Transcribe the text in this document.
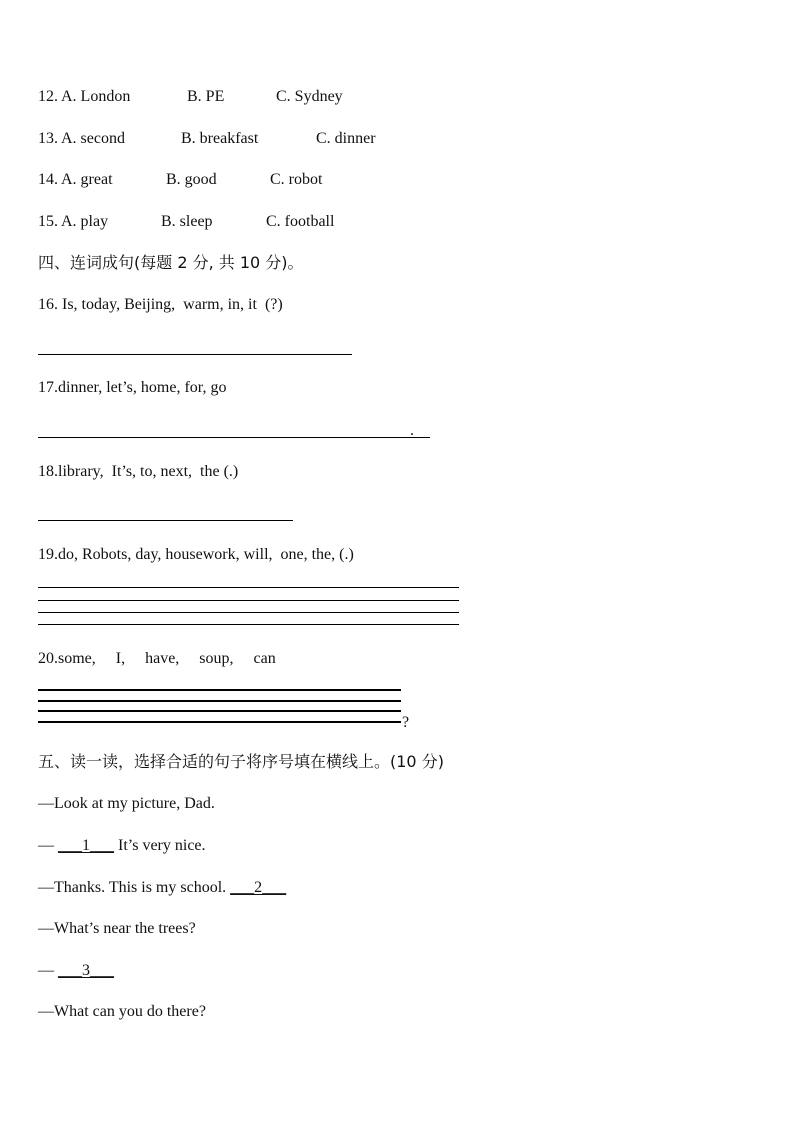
12. A. London	B. PE	C. Sydney
13. A. second	B. breakfast	C. dinner
14. A. great	B. good	C. robot
15. A. play	B. sleep	C. football
四、连词成句(每题 2 分, 共 10 分)。
16. Is, today, Beijing,  warm, in, it  (?)
17.dinner, let’s, home, for, go
.
18.library,  It’s, to, next,  the (.)
19.do, Robots, day, housework, will,  one, the, (.)
20.some,     I,     have,     soup,     can
?
五、读一读，选择合适的句子将序号填在横线上。(10 分)
—Look at my picture, Dad.
— ___1___ It’s very nice.
—Thanks. This is my school. ___2___
—What’s near the trees?
— ___3___
—What can you do there?
